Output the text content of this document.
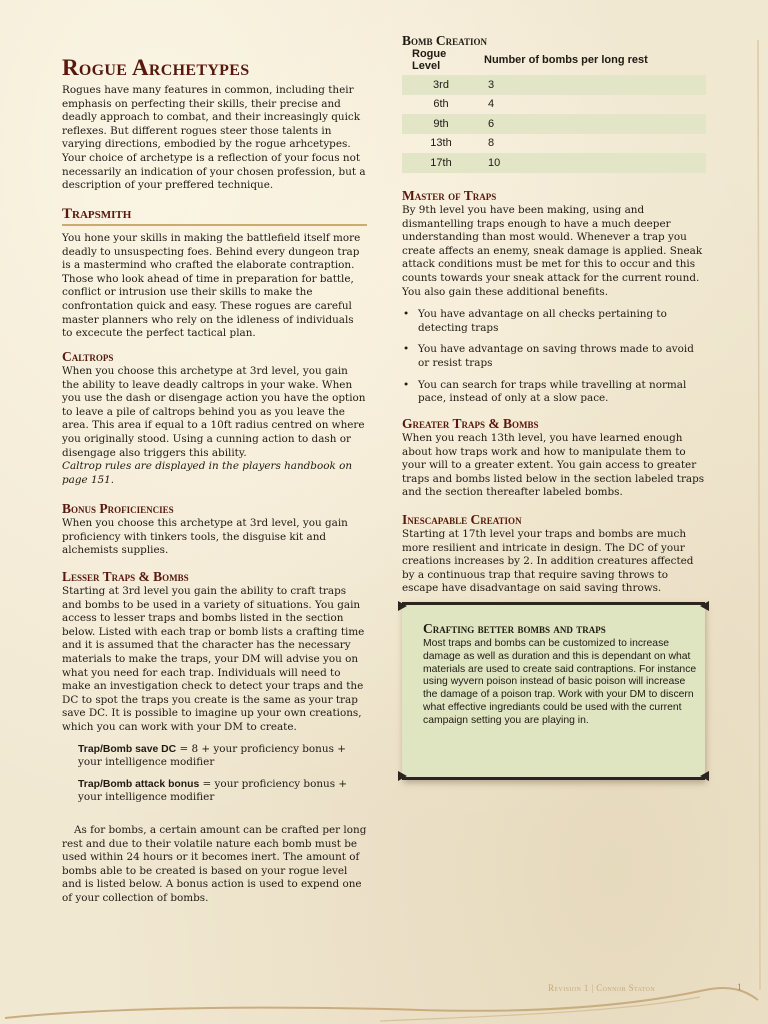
Rogue Archetypes

Rogues have many features in common, including their emphasis on perfecting their skills, their precise and deadly approach to combat, and their increasingly quick reflexes. But different rogues steer those talents in varying directions, embodied by the rogue arhcetypes. Your choice of archetype is a reflection of your focus not necessarily an indication of your chosen profession, but a description of your preffered technique.

Trapsmith

You hone your skills in making the battlefield itself more deadly to unsuspecting foes. Behind every dungeon trap is a mastermind who crafted the elaborate contraption. Those who look ahead of time in preparation for battle, conflict or intrusion use their skills to make the confrontation quick and easy. These rogues are careful master planners who rely on the idleness of individuals to excecute the perfect tactical plan.

Caltrops

When you choose this archetype at 3rd level, you gain the ability to leave deadly caltrops in your wake. When you use the dash or disengage action you have the option to leave a pile of caltrops behind you as you leave the area. This area if equal to a 10ft radius centred on where you originally stood. Using a cunning action to dash or disengage also triggers this ability.

Caltrop rules are displayed in the players handbook on page 151.

Bonus Proficiencies

When you choose this archetype at 3rd level, you gain proficiency with tinkers tools, the disguise kit and alchemists supplies.

Lesser Traps & Bombs

Starting at 3rd level you gain the ability to craft traps and bombs to be used in a variety of situations. You gain access to lesser traps and bombs listed in the section below. Listed with each trap or bomb lists a crafting time and it is assumed that the character has the necessary materials to make the traps, your DM will advise you on what you need for each trap. Individuals will need to make an investigation check to detect your traps and the DC to spot the traps you create is the same as your trap save DC. It is possible to imagine up your own creations, which you can work with your DM to create.

Trap/Bomb save DC = 8 + your proficiency bonus + your intelligence modifier

Trap/Bomb attack bonus = your proficiency bonus + your intelligence modifier

As for bombs, a certain amount can be crafted per long rest and due to their volatile nature each bomb must be used within 24 hours or it becomes inert. The amount of bombs able to be created is based on your rogue level and is listed below. A bonus action is used to expend one of your collection of bombs.

Bomb Creation
Rogue Level	Number of bombs per long rest
3rd	3
6th	4
9th	6
13th	8
17th	10
Master of Traps

By 9th level you have been making, using and dismantelling traps enough to have a much deeper understanding than most would. Whenever a trap you create affects an enemy, sneak damage is applied. Sneak attack conditions must be met for this to occur and this counts towards your sneak attack for the current round. You also gain these additional benefits.

• You have advantage on all checks pertaining to detecting traps
• You have advantage on saving throws made to avoid or resist traps
• You can search for traps while travelling at normal pace, instead of only at a slow pace.
Greater Traps & Bombs

When you reach 13th level, you have learned enough about how traps work and how to manipulate them to your will to a greater extent. You gain access to greater traps and bombs listed below in the section labeled traps and the section thereafter labeled bombs.

Inescapable Creation

Starting at 17th level your traps and bombs are much more resilient and intricate in design. The DC of your creations increases by 2. In addition creatures affected by a continuous trap that require saving throws to escape have disadvantage on said saving throws.

Crafting better bombs and traps

Most traps and bombs can be customized to increase damage as well as duration and this is dependant on what materials are used to create said contraptions. For instance using wyvern poison instead of basic poison will increase the damage of a poison trap. Work with your DM to discern what effective ingrediants could be used with the current campaign setting you are playing in.

Revision 1 | Connor Staton	1
